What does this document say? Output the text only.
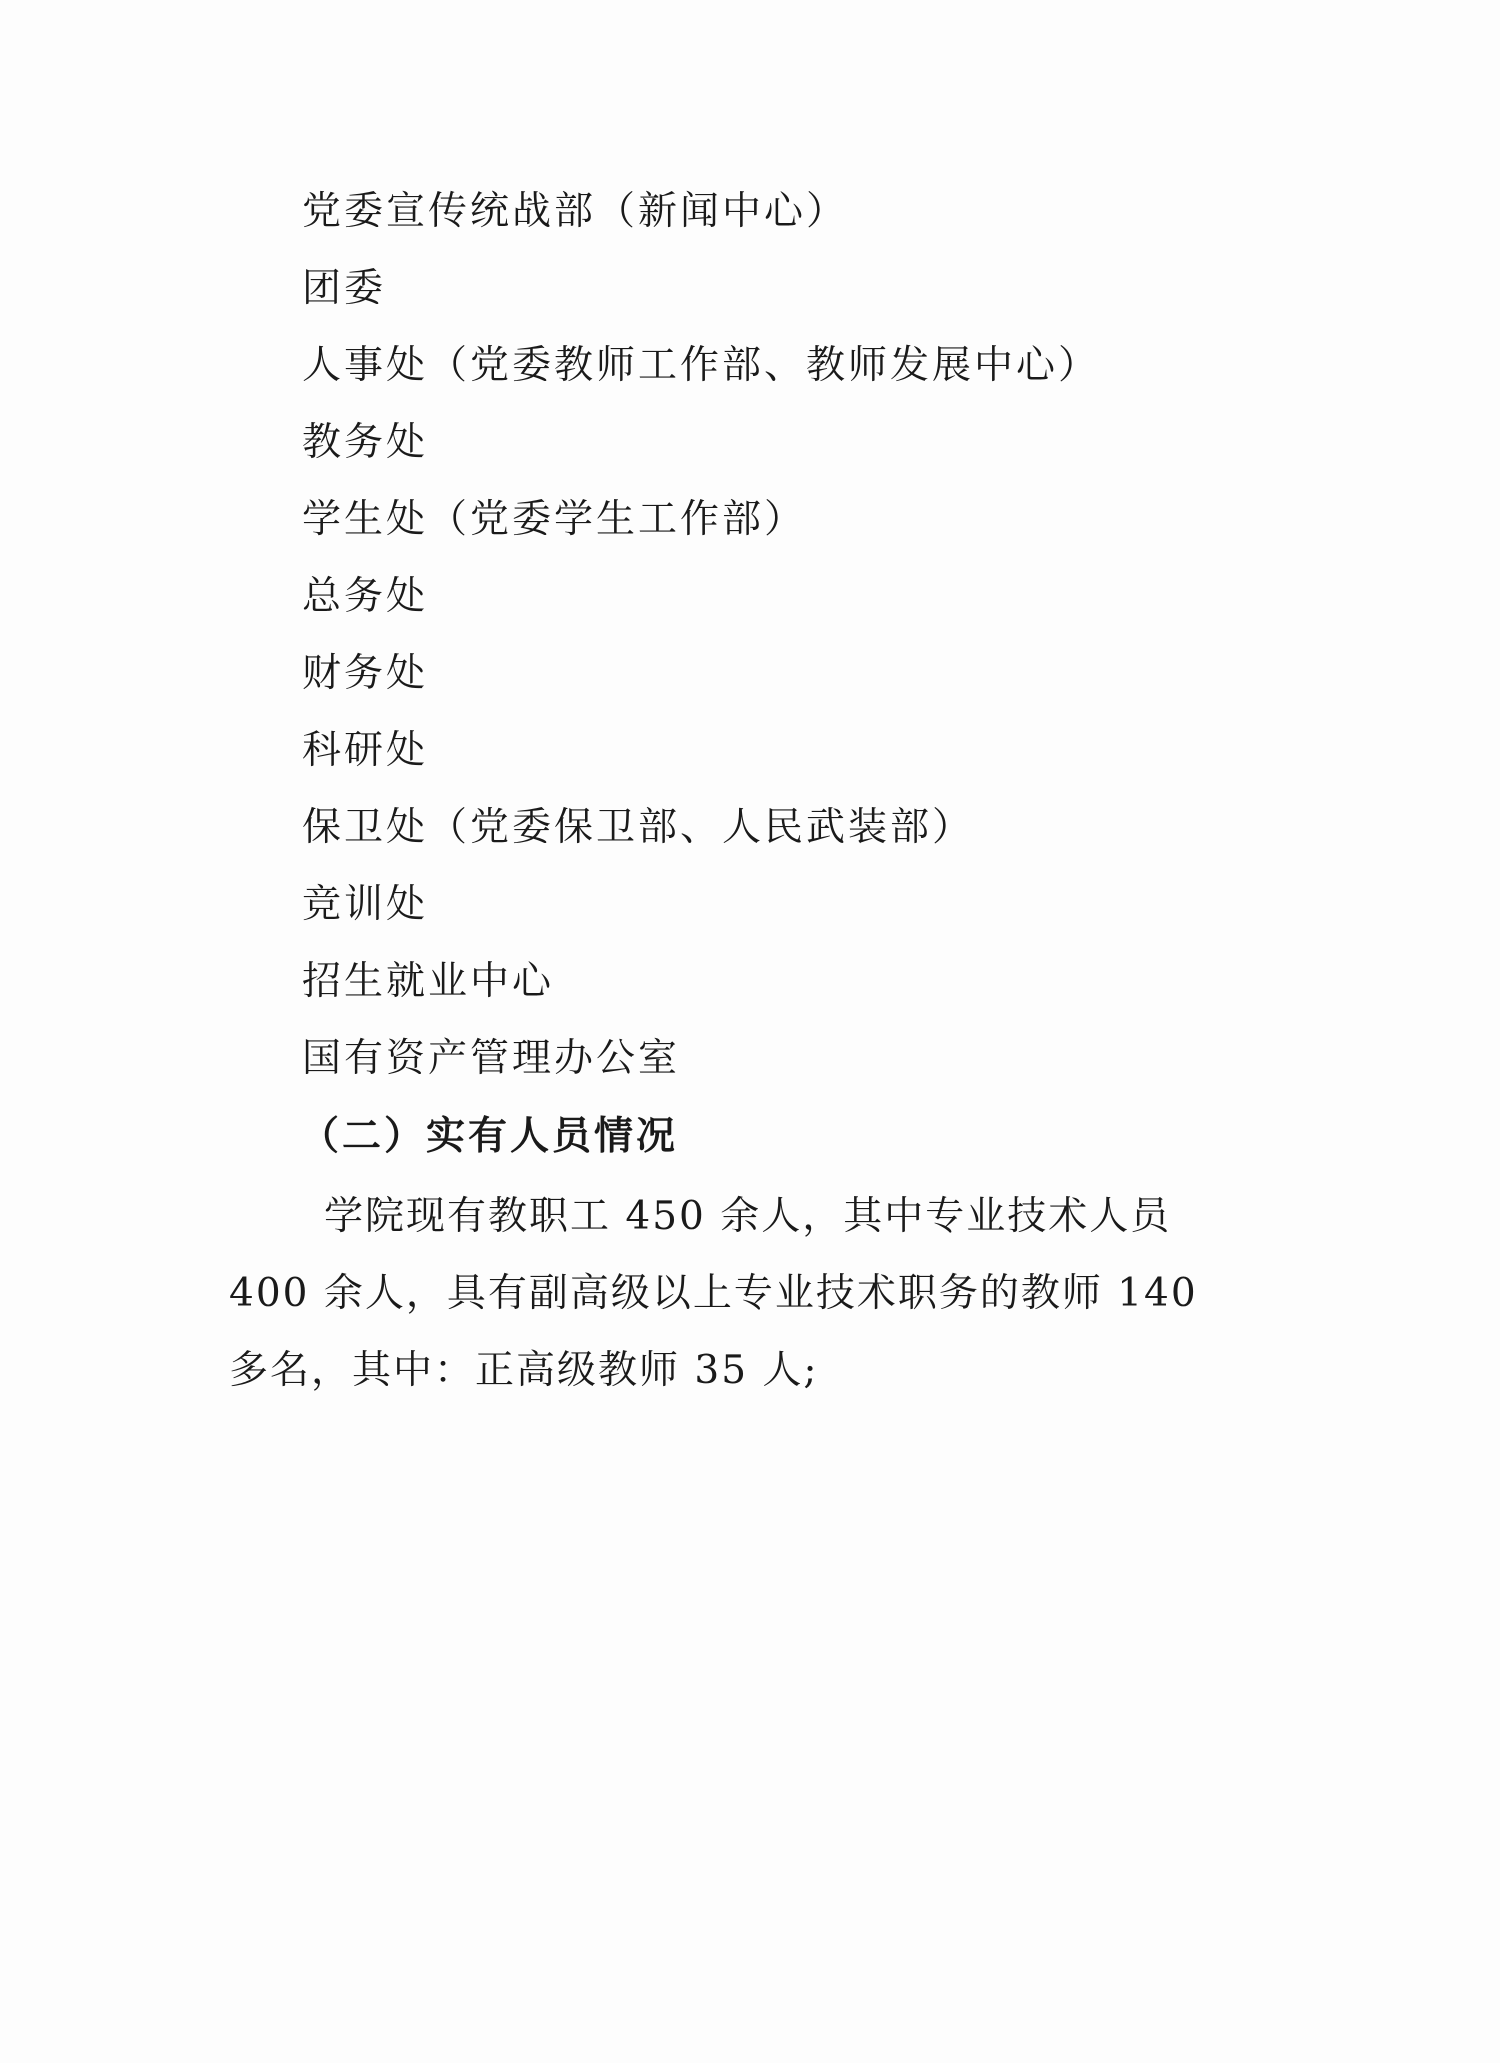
党委宣传统战部（新闻中心）
团委
人事处（党委教师工作部、教师发展中心）
教务处
学生处（党委学生工作部）
总务处
财务处
科研处
保卫处（党委保卫部、人民武装部）
竞训处
招生就业中心
国有资产管理办公室
（二）实有人员情况

学院现有教职工 450 余人，其中专业技术人员 400 余人，具有副高级以上专业技术职务的教师 140 多名，其中：正高级教师 35 人;
